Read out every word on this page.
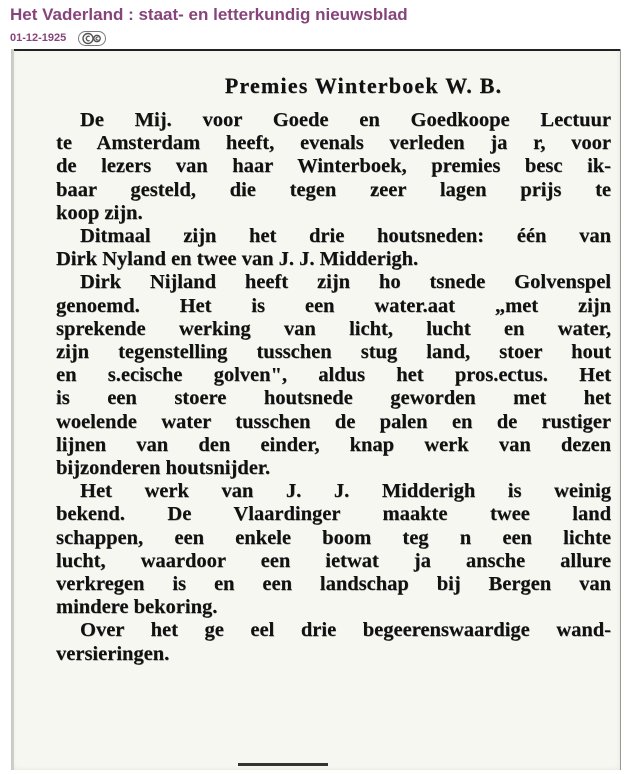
Het Vaderland : staat- en letterkundig nieuwsblad
01-12-1925
Premies Winterboek W. B.
De Mij. voor Goede en Goedkoope Lectuur
te Amsterdam heeft, evenals verleden ja r, voor
de lezers van haar Winterboek, premies besc ik-
baar gesteld, die tegen zeer lagen prijs te
koop zijn.
Ditmaal zijn het drie houtsneden: één van
Dirk Nyland en twee van J. J. Midderigh.
Dirk Nijland heeft zijn ho tsnede Golvenspel
genoemd. Het is een water.aat „met zijn
sprekende werking van licht, lucht en water,
zijn tegenstelling tusschen stug land, stoer hout
en s.ecische golven", aldus het pros.ectus. Het
is een stoere houtsnede geworden met het
woelende water tusschen de palen en de rustiger
lijnen van den einder, knap werk van dezen
bijzonderen houtsnijder.
Het werk van J. J. Midderigh is weinig
bekend. De Vlaardinger maakte twee land
schappen, een enkele boom teg n een lichte
lucht, waardoor een ietwat ja ansche allure
verkregen is en een landschap bij Bergen van
mindere bekoring.
Over het ge eel drie begeerenswaardige wand-
versieringen.
